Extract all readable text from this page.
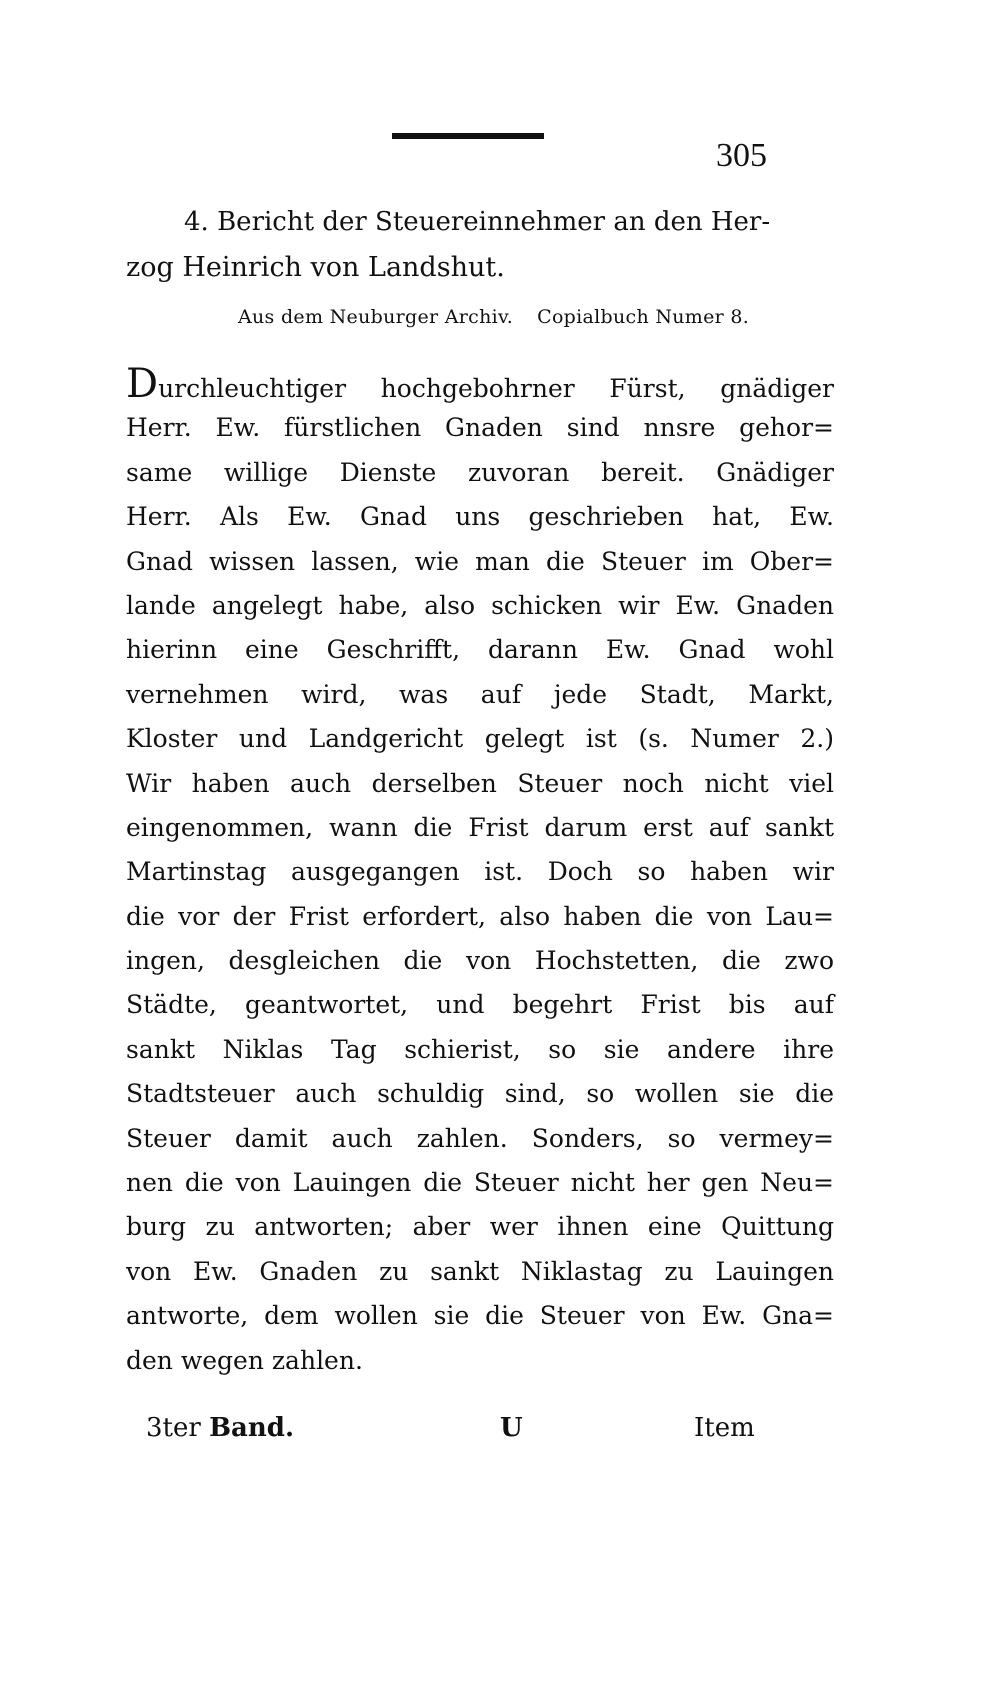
305
4. Bericht der Steuereinnehmer an den Her-
zog Heinrich von Landshut.
Aus dem Neuburger Archiv. Copialbuch Numer 8.
Durchleuchtiger hochgebohrner Fürst, gnädiger
Herr. Ew. fürstlichen Gnaden sind nnsre gehor=
same willige Dienste zuvoran bereit. Gnädiger
Herr. Als Ew. Gnad uns geschrieben hat, Ew.
Gnad wissen lassen, wie man die Steuer im Ober=
lande angelegt habe, also schicken wir Ew. Gnaden
hierinn eine Geschrifft, darann Ew. Gnad wohl
vernehmen wird, was auf jede Stadt, Markt,
Kloster und Landgericht gelegt ist (s. Numer 2.)
Wir haben auch derselben Steuer noch nicht viel
eingenommen, wann die Frist darum erst auf sankt
Martinstag ausgegangen ist. Doch so haben wir
die vor der Frist erfordert, also haben die von Lau=
ingen, desgleichen die von Hochstetten, die zwo
Städte, geantwortet, und begehrt Frist bis auf
sankt Niklas Tag schierist, so sie andere ihre
Stadtsteuer auch schuldig sind, so wollen sie die
Steuer damit auch zahlen. Sonders, so vermey=
nen die von Lauingen die Steuer nicht her gen Neu=
burg zu antworten; aber wer ihnen eine Quittung
von Ew. Gnaden zu sankt Niklastag zu Lauingen
antworte, dem wollen sie die Steuer von Ew. Gna=
den wegen zahlen.
3ter Band.	U	Item
